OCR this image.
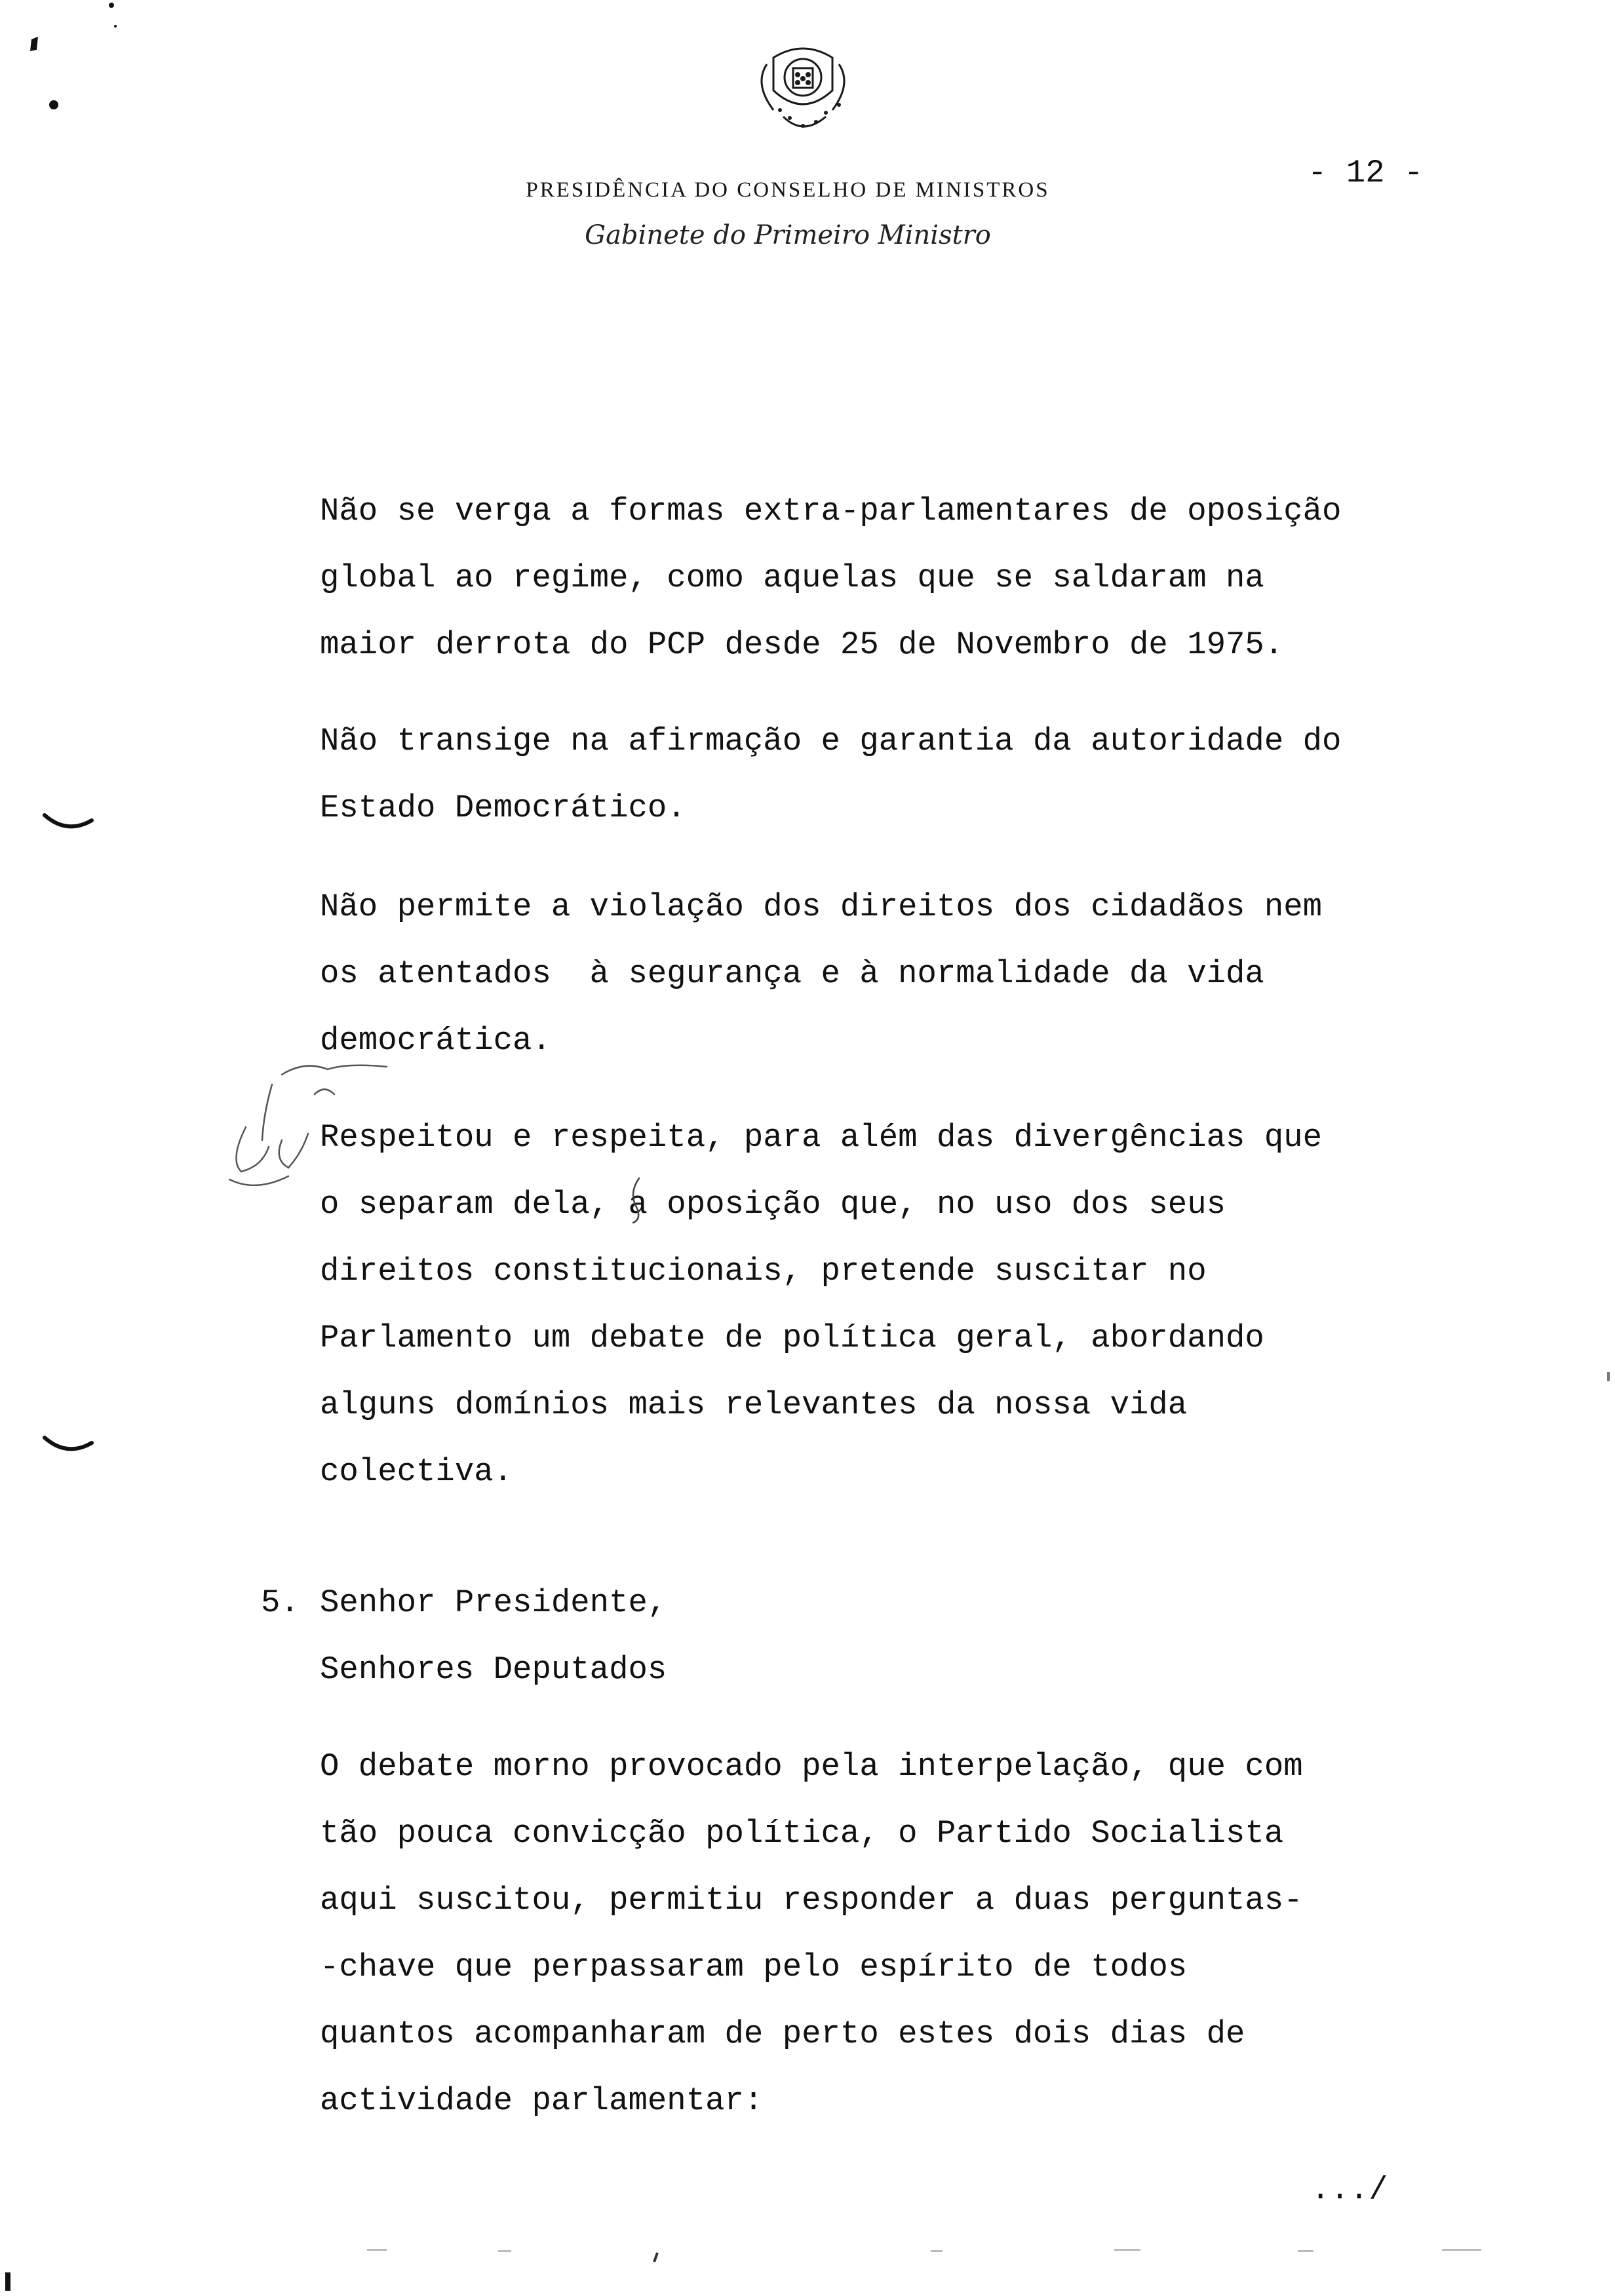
PRESIDÊNCIA DO CONSELHO DE MINISTROS
Gabinete do Primeiro Ministro
- 12 -
Não se verga a formas extra-parlamentares de oposição
global ao regime, como aquelas que se saldaram na
maior derrota do PCP desde 25 de Novembro de 1975.
Não transige na afirmação e garantia da autoridade do
Estado Democrático.
Não permite a violação dos direitos dos cidadãos nem
os atentados  à segurança e à normalidade da vida
democrática.
Respeitou e respeita, para além das divergências que
o separam dela, a oposição que, no uso dos seus
direitos constitucionais, pretende suscitar no
Parlamento um debate de política geral, abordando
alguns domínios mais relevantes da nossa vida
colectiva.
5. Senhor Presidente,
Senhores Deputados
O debate morno provocado pela interpelação, que com
tão pouca convicção política, o Partido Socialista
aqui suscitou, permitiu responder a duas perguntas-
-chave que perpassaram pelo espírito de todos
quantos acompanharam de perto estes dois dias de
actividade parlamentar:
.../
